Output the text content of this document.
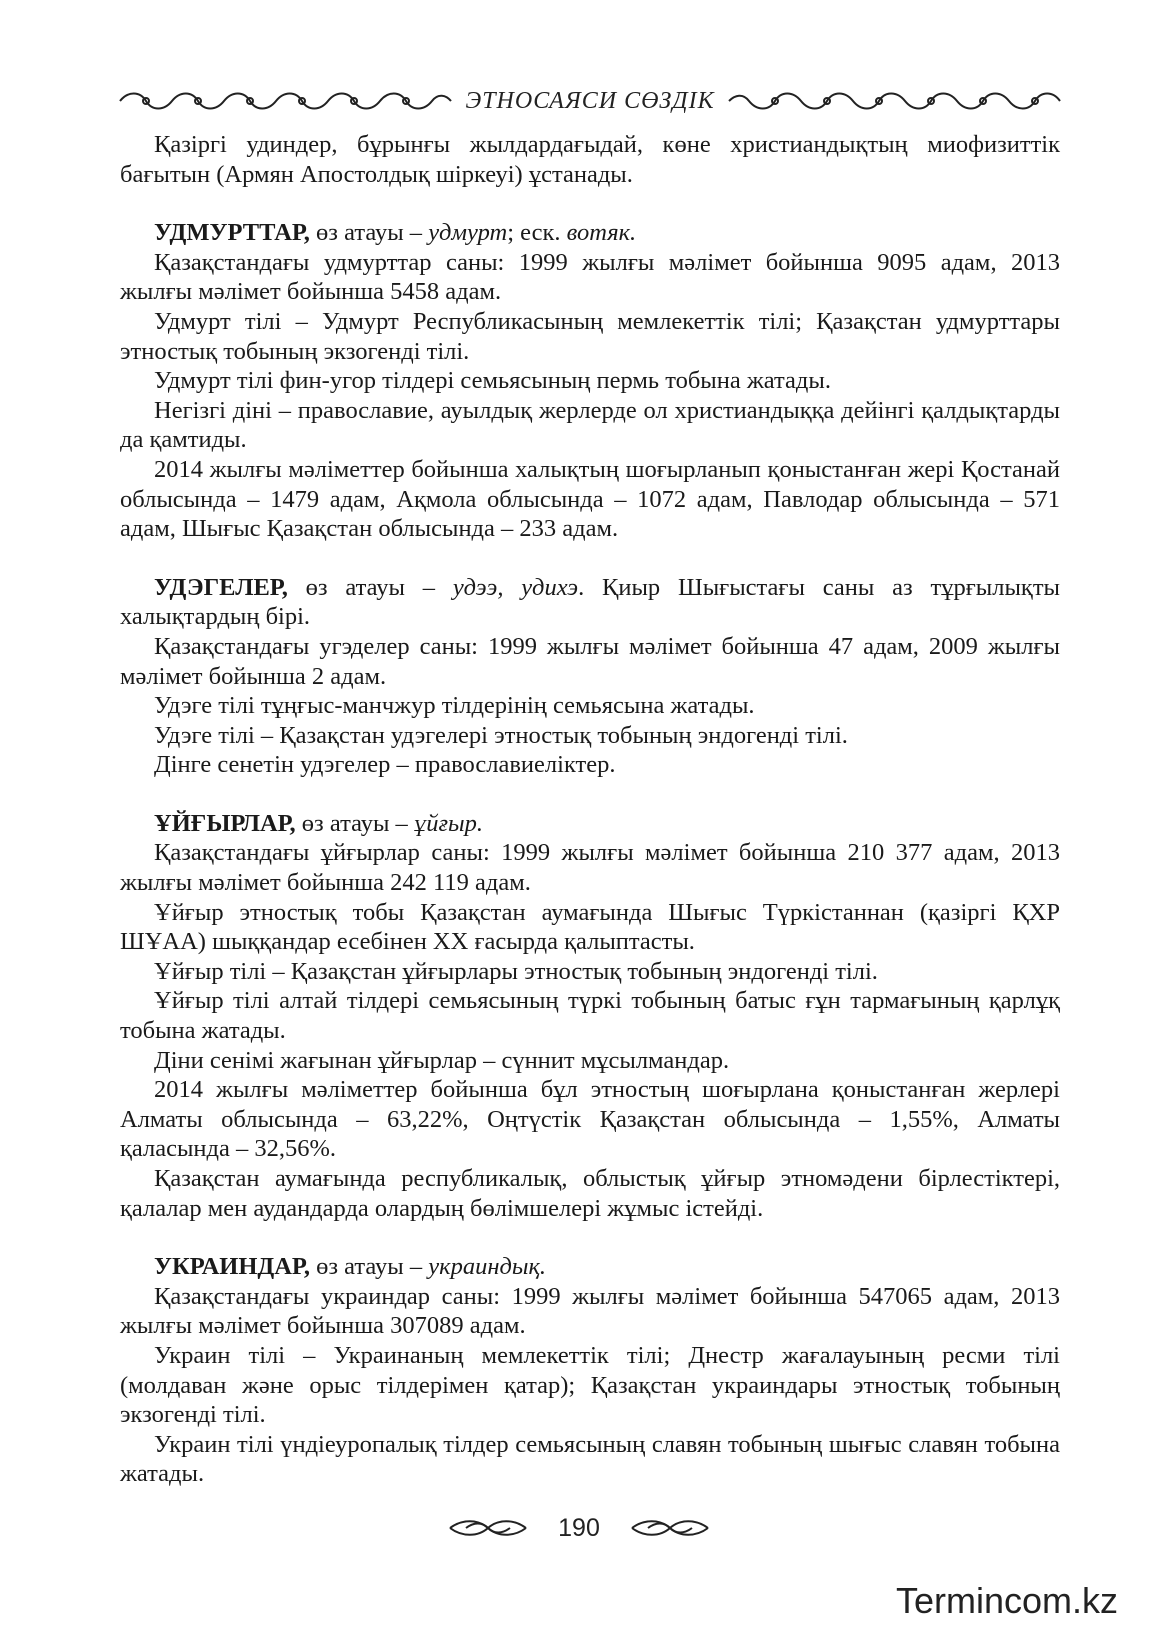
ЭТНОСАЯСИ СӨЗДІК

Қазіргі удиндер, бұрынғы жылдардағыдай, көне христиандықтың миофизиттік бағытын (Армян Апостолдық шіркеуі) ұстанады.

УДМУРТТАР, өз атауы – удмурт; еск. вотяк.

Қазақстандағы удмурттар саны: 1999 жылғы мәлімет бойынша 9095 адам, 2013 жылғы мәлімет бойынша 5458 адам.

Удмурт тілі – Удмурт Республикасының мемлекеттік тілі; Қазақстан удмурттары этностық тобының экзогенді тілі.

Удмурт тілі фин-угор тілдері семьясының пермь тобына жатады.

Негізгі діні – православие, ауылдық жерлерде ол христиандыққа дейінгі қалдықтарды да қамтиды.

2014 жылғы мәліметтер бойынша халықтың шоғырланып қоныстанған жері Қостанай облысында – 1479 адам, Ақмола облысында – 1072 адам, Павлодар облысында – 571 адам, Шығыс Қазақстан облысында – 233 адам.

УДЭГЕЛЕР, өз атауы – удээ, удихэ. Қиыр Шығыстағы саны аз тұрғылықты халықтардың бірі.

Қазақстандағы угэделер саны: 1999 жылғы мәлімет бойынша 47 адам, 2009 жылғы мәлімет бойынша 2 адам.

Удэге тілі тұңғыс-манчжур тілдерінің семьясына жатады.

Удэге тілі – Қазақстан удэгелері этностық тобының эндогенді тілі.

Дінге сенетін удэгелер – православиеліктер.

ҰЙҒЫРЛАР, өз атауы – ұйғыр.

Қазақстандағы ұйғырлар саны: 1999 жылғы мәлімет бойынша 210 377 адам, 2013 жылғы мәлімет бойынша 242 119 адам.

Ұйғыр этностық тобы Қазақстан аумағында Шығыс Түркістаннан (қазіргі ҚХР ШҰАА) шыққандар есебінен ХХ ғасырда қалыптасты.

Ұйғыр тілі – Қазақстан ұйғырлары этностық тобының эндогенді тілі.

Ұйғыр тілі алтай тілдері семьясының түркі тобының батыс ғұн тармағының қарлұқ тобына жатады.

Діни сенімі жағынан ұйғырлар – сүннит мұсылмандар.

2014 жылғы мәліметтер бойынша бұл этностың шоғырлана қоныстанған жерлері Алматы облысында – 63,22%, Оңтүстік Қазақстан облысында – 1,55%, Алматы қаласында – 32,56%.

Қазақстан аумағында республикалық, облыстық ұйғыр этномәдени бірлестіктері, қалалар мен аудандарда олардың бөлімшелері жұмыс істейді.

УКРАИНДАР, өз атауы – украиндық.

Қазақстандағы украиндар саны: 1999 жылғы мәлімет бойынша 547065 адам, 2013 жылғы мәлімет бойынша 307089 адам.

Украин тілі – Украинаның мемлекеттік тілі; Днестр жағалауының ресми тілі (молдаван және орыс тілдерімен қатар); Қазақстан украиндары этностық тобының экзогенді тілі.

Украин тілі үндіеуропалық тілдер семьясының славян тобының шығыс славян тобына жатады.

190
Termincom.kz
